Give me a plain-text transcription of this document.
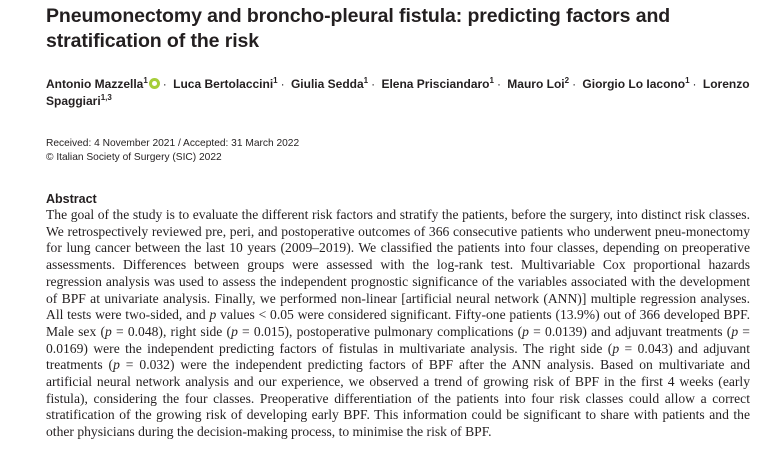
Pneumonectomy and broncho-pleural fistula: predicting factors and stratification of the risk
Antonio Mazzella$^1$ · Luca Bertolaccini$^1$ · Giulia Sedda$^1$ · Elena Prisciandaro$^1$ · Mauro Loi$^2$ · Giorgio Lo Iacono$^1$ · Lorenzo Spaggiari$^{1,3}$
Received: 4 November 2021 / Accepted: 31 March 2022
© Italian Society of Surgery (SIC) 2022
Abstract

The goal of the study is to evaluate the different risk factors and stratify the patients, before the surgery, into distinct risk classes. We retrospectively reviewed pre, peri, and postoperative outcomes of 366 consecutive patients who underwent pneu-monectomy for lung cancer between the last 10 years (2009–2019). We classified the patients into four classes, depending on preoperative assessments. Differences between groups were assessed with the log-rank test. Multivariable Cox proportional hazards regression analysis was used to assess the independent prognostic significance of the variables associated with the development of BPF at univariate analysis. Finally, we performed non-linear [artificial neural network (ANN)] multiple regression analyses. All tests were two-sided, and p values < 0.05 were considered significant. Fifty-one patients (13.9%) out of 366 developed BPF. Male sex (p = 0.048), right side (p = 0.015), postoperative pulmonary complications (p = 0.0139) and adjuvant treatments (p = 0.0169) were the independent predicting factors of fistulas in multivariate analysis. The right side (p = 0.043) and adjuvant treatments (p = 0.032) were the independent predicting factors of BPF after the ANN analysis. Based on multivariate and artificial neural network analysis and our experience, we observed a trend of growing risk of BPF in the first 4 weeks (early fistula), considering the four classes. Preoperative differentiation of the patients into four risk classes could allow a correct stratification of the growing risk of developing early BPF. This information could be significant to share with patients and the other physicians during the decision-making process, to minimise the risk of BPF.
